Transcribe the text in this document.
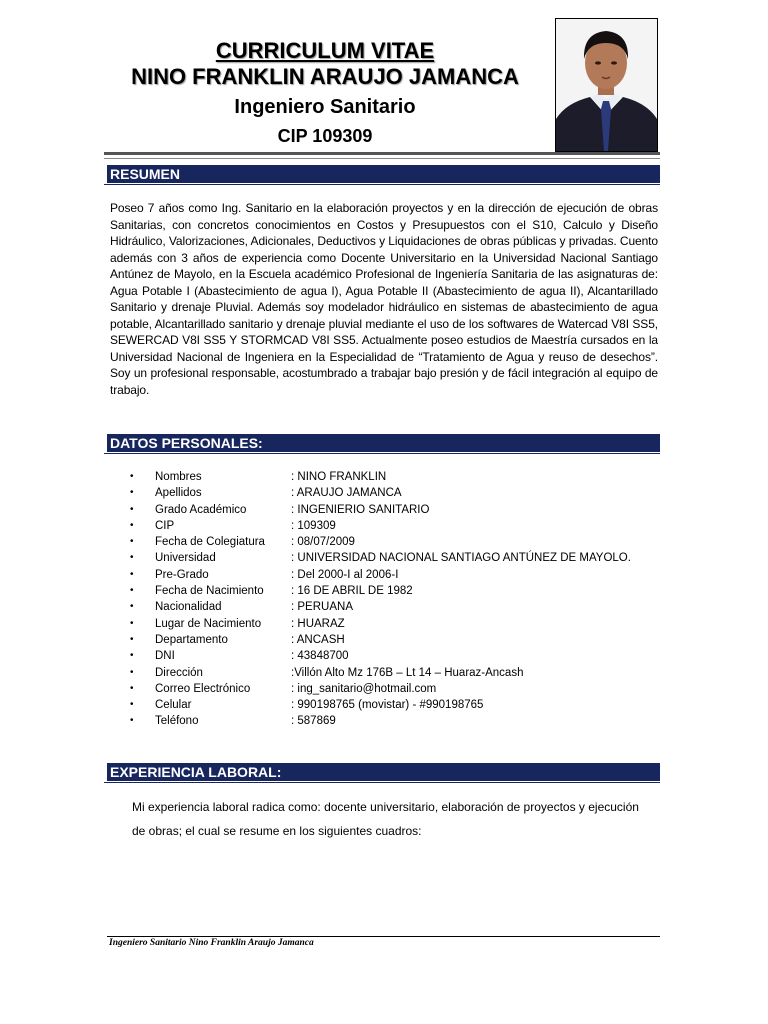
CURRICULUM VITAE
NINO FRANKLIN ARAUJO JAMANCA
Ingeniero Sanitario
CIP 109309
RESUMEN
Poseo 7 años como Ing. Sanitario en la elaboración proyectos y en la dirección de ejecución de obras Sanitarias, con concretos conocimientos en Costos y Presupuestos con el S10, Calculo y Diseño Hidráulico, Valorizaciones, Adicionales, Deductivos y Liquidaciones de obras públicas y privadas. Cuento además con 3 años de experiencia como Docente Universitario en la Universidad Nacional Santiago Antúnez de Mayolo, en la Escuela académico Profesional de Ingeniería Sanitaria de las asignaturas de: Agua Potable I (Abastecimiento de agua I), Agua Potable II (Abastecimiento de agua II), Alcantarillado Sanitario y drenaje Pluvial. Además soy modelador hidráulico en sistemas de abastecimiento de agua potable, Alcantarillado sanitario y drenaje pluvial mediante el uso de los softwares de Watercad V8I SS5, SEWERCAD V8I SS5 Y STORMCAD V8I SS5. Actualmente poseo estudios de Maestría cursados en la Universidad Nacional de Ingeniera en la Especialidad de “Tratamiento de Agua y reuso de desechos”. Soy un profesional responsable, acostumbrado a trabajar bajo presión y de fácil integración al equipo de trabajo.
DATOS PERSONALES:
• Nombres	: NINO FRANKLIN
• Apellidos	: ARAUJO JAMANCA
• Grado Académico	: INGENIERIO SANITARIO
• CIP	: 109309
• Fecha de Colegiatura : 08/07/2009
• Universidad	: UNIVERSIDAD NACIONAL SANTIAGO ANTÚNEZ DE MAYOLO.
• Pre-Grado	: Del 2000-I al 2006-I
• Fecha de Nacimiento : 16 DE ABRIL DE 1982
• Nacionalidad	: PERUANA
• Lugar de Nacimiento	: HUARAZ
• Departamento	: ANCASH
• DNI	: 43848700
• Dirección	:Villón Alto Mz 176B – Lt 14 – Huaraz-Ancash
• Correo Electrónico	: ing_sanitario@hotmail.com
• Celular	: 990198765 (movistar) - #990198765
• Teléfono	: 587869
EXPERIENCIA LABORAL:
Mi experiencia laboral radica como: docente universitario, elaboración de proyectos y ejecución de obras; el cual se resume en los siguientes cuadros:
Ingeniero Sanitario Nino Franklin Araujo Jamanca
